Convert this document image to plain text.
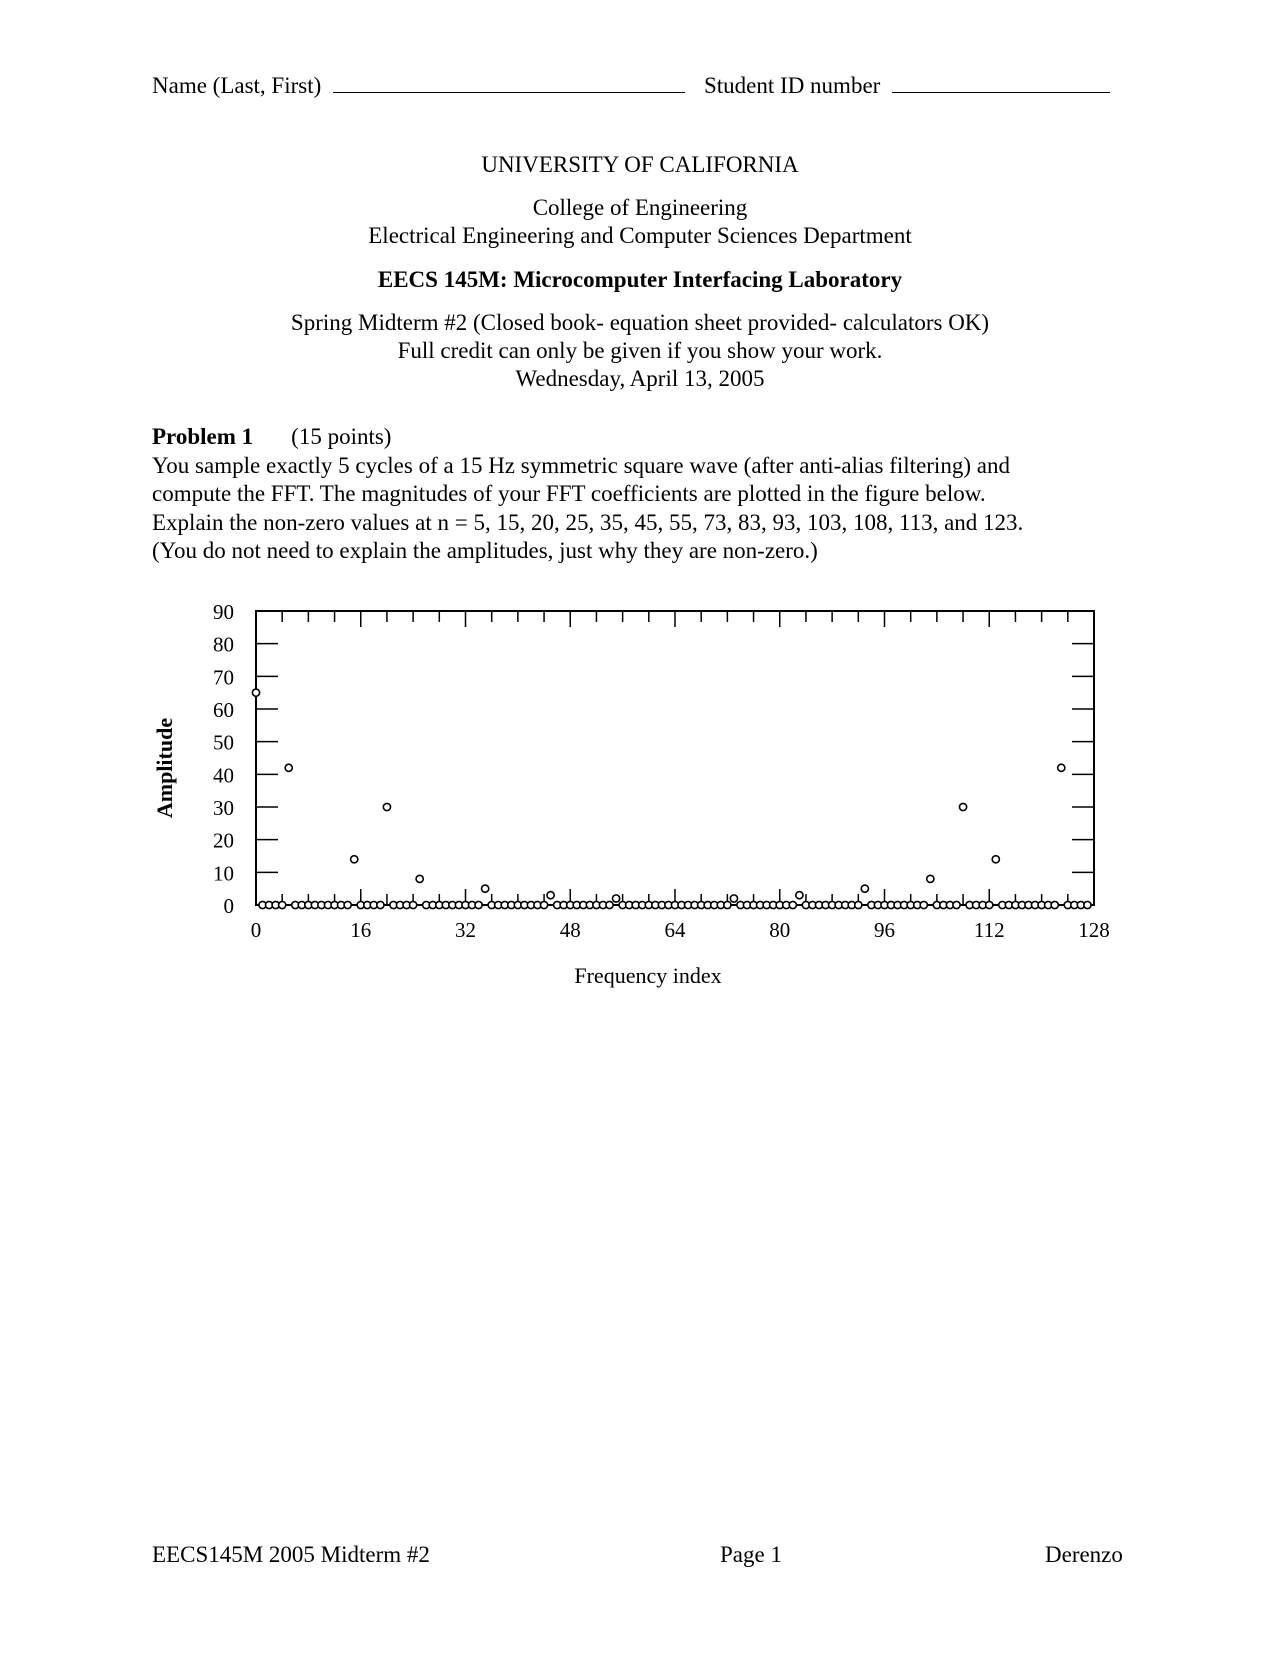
Name (Last, First)	Student ID number
UNIVERSITY OF CALIFORNIA
College of Engineering
Electrical Engineering and Computer Sciences Department
EECS 145M: Microcomputer Interfacing Laboratory
Spring Midterm #2 (Closed book- equation sheet provided- calculators OK)
Full credit can only be given if you show your work.
Wednesday, April 13, 2005

Problem 1 (15 points)

You sample exactly 5 cycles of a 15 Hz symmetric square wave (after anti-alias filtering) and

compute the FFT. The magnitudes of your FFT coefficients are plotted in the figure below.

Explain the non-zero values at n = 5, 15, 20, 25, 35, 45, 55, 73, 83, 93, 103, 108, 113, and 123.

(You do not need to explain the amplitudes, just why they are non-zero.)

0
10
20
30
40
50
60
70
80
90
0	16	32	48	64	80	96	112	128
Amplitude
Frequency index
EECS145M 2005 Midterm #2	Page 1	Derenzo
